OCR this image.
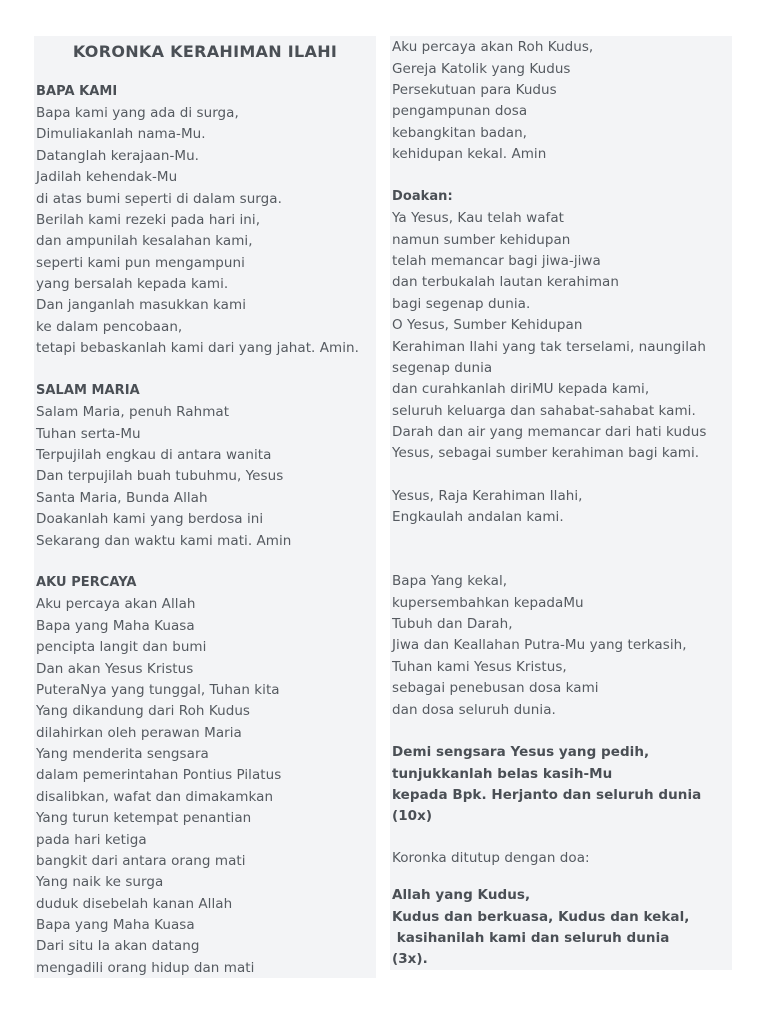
KORONKA KERAHIMAN ILAHI
BAPA KAMI
Bapa kami yang ada di surga,
Dimuliakanlah nama-Mu.
Datanglah kerajaan-Mu.
Jadilah kehendak-Mu
di atas bumi seperti di dalam surga.
Berilah kami rezeki pada hari ini,
dan ampunilah kesalahan kami,
seperti kami pun mengampuni
yang bersalah kepada kami.
Dan janganlah masukkan kami
ke dalam pencobaan,
tetapi bebaskanlah kami dari yang jahat. Amin.
SALAM MARIA
Salam Maria, penuh Rahmat
Tuhan serta-Mu
Terpujilah engkau di antara wanita
Dan terpujilah buah tubuhmu, Yesus
Santa Maria, Bunda Allah
Doakanlah kami yang berdosa ini
Sekarang dan waktu kami mati. Amin
AKU PERCAYA
Aku percaya akan Allah
Bapa yang Maha Kuasa
pencipta langit dan bumi
Dan akan Yesus Kristus
PuteraNya yang tunggal, Tuhan kita
Yang dikandung dari Roh Kudus
dilahirkan oleh perawan Maria
Yang menderita sengsara
dalam pemerintahan Pontius Pilatus
disalibkan, wafat dan dimakamkan
Yang turun ketempat penantian
pada hari ketiga
bangkit dari antara orang mati
Yang naik ke surga
duduk disebelah kanan Allah
Bapa yang Maha Kuasa
Dari situ Ia akan datang
mengadili orang hidup dan mati
Aku percaya akan Roh Kudus,
Gereja Katolik yang Kudus
Persekutuan para Kudus
pengampunan dosa
kebangkitan badan,
kehidupan kekal. Amin
Doakan:
Ya Yesus, Kau telah wafat
namun sumber kehidupan
telah memancar bagi jiwa-jiwa
dan terbukalah lautan kerahiman
bagi segenap dunia.
O Yesus, Sumber Kehidupan
Kerahiman Ilahi yang tak terselami, naungilah
segenap dunia
dan curahkanlah diriMU kepada kami,
seluruh keluarga dan sahabat-sahabat kami.
Darah dan air yang memancar dari hati kudus
Yesus, sebagai sumber kerahiman bagi kami.
Yesus, Raja Kerahiman Ilahi,
Engkaulah andalan kami.
Bapa Yang kekal,
kupersembahkan kepadaMu
Tubuh dan Darah,
Jiwa dan Keallahan Putra-Mu yang terkasih,
Tuhan kami Yesus Kristus,
sebagai penebusan dosa kami
dan dosa seluruh dunia.
Demi sengsara Yesus yang pedih,
tunjukkanlah belas kasih-Mu
kepada Bpk. Herjanto dan seluruh dunia
(10x)
Koronka ditutup dengan doa:
Allah yang Kudus,
Kudus dan berkuasa, Kudus dan kekal,
kasihanilah kami dan seluruh dunia
(3x).
